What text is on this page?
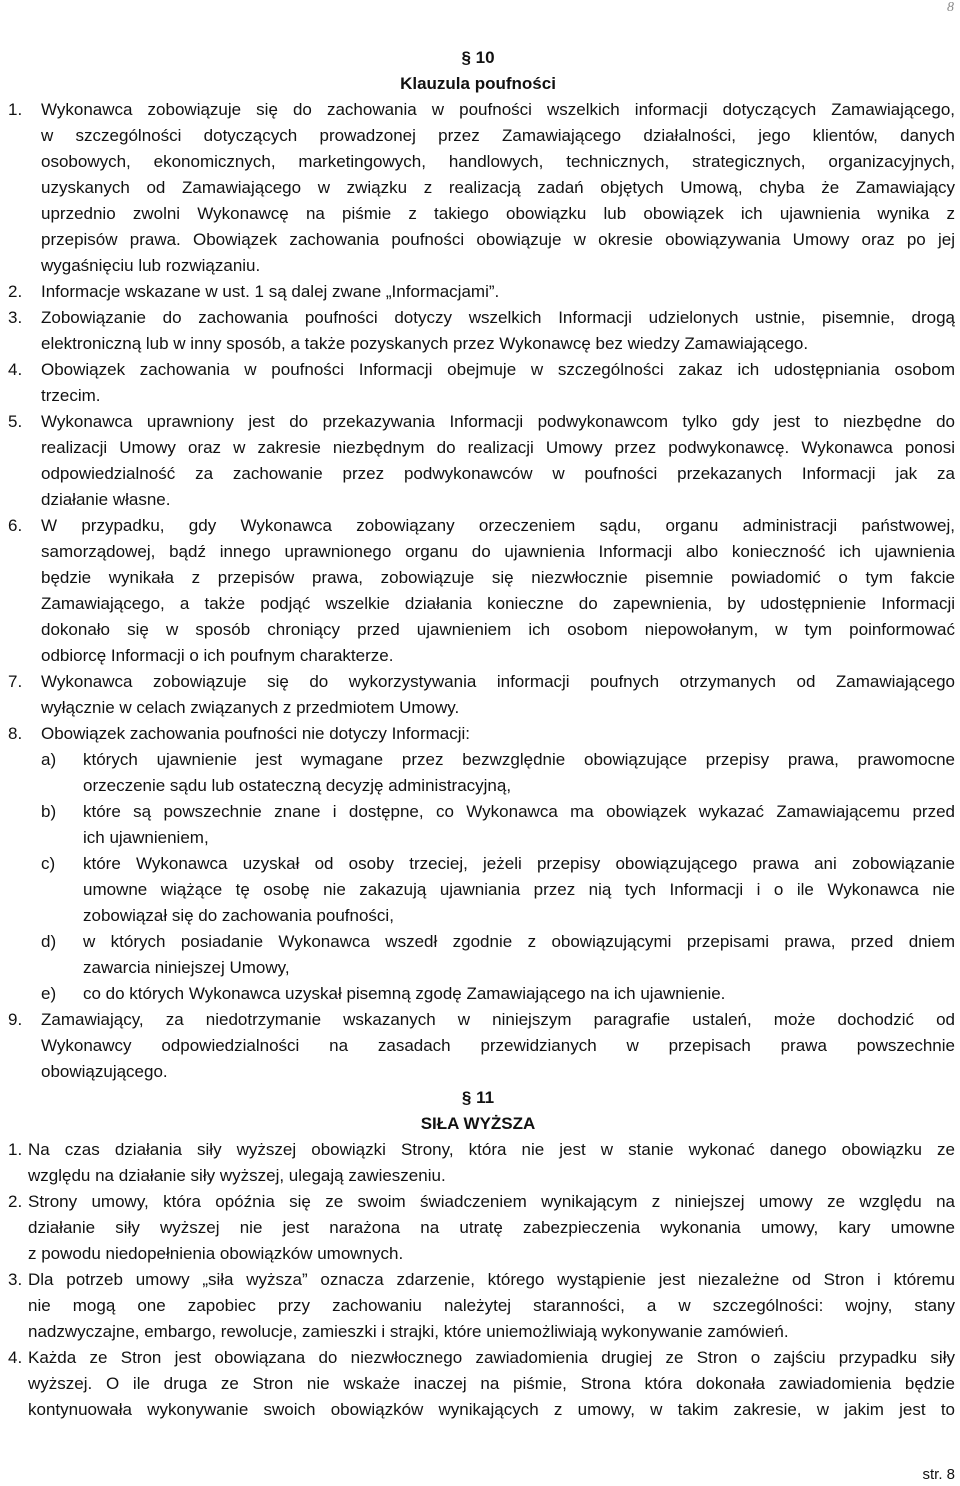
8
§ 10
Klauzula poufności
1. Wykonawca zobowiązuje się do zachowania w poufności wszelkich informacji dotyczących Zamawiającego,
w szczególności dotyczących prowadzonej przez Zamawiającego działalności, jego klientów, danych
osobowych, ekonomicznych, marketingowych, handlowych, technicznych, strategicznych, organizacyjnych,
uzyskanych od Zamawiającego w związku z realizacją zadań objętych Umową, chyba że Zamawiający
uprzednio zwolni Wykonawcę na piśmie z takiego obowiązku lub obowiązek ich ujawnienia wynika z
przepisów prawa. Obowiązek zachowania poufności obowiązuje w okresie obowiązywania Umowy oraz po jej
wygaśnięciu lub rozwiązaniu.
2. Informacje wskazane w ust. 1 są dalej zwane „Informacjami”.
3. Zobowiązanie do zachowania poufności dotyczy wszelkich Informacji udzielonych ustnie, pisemnie, drogą
elektroniczną lub w inny sposób, a także pozyskanych przez Wykonawcę bez wiedzy Zamawiającego.
4. Obowiązek zachowania w poufności Informacji obejmuje w szczególności zakaz ich udostępniania osobom
trzecim.
5. Wykonawca uprawniony jest do przekazywania Informacji podwykonawcom tylko gdy jest to niezbędne do
realizacji Umowy oraz w zakresie niezbędnym do realizacji Umowy przez podwykonawcę. Wykonawca ponosi
odpowiedzialność za zachowanie przez podwykonawców w poufności przekazanych Informacji jak za
działanie własne.
6. W przypadku, gdy Wykonawca zobowiązany orzeczeniem sądu, organu administracji państwowej,
samorządowej, bądź innego uprawnionego organu do ujawnienia Informacji albo konieczność ich ujawnienia
będzie wynikała z przepisów prawa, zobowiązuje się niezwłocznie pisemnie powiadomić o tym fakcie
Zamawiającego, a także podjąć wszelkie działania konieczne do zapewnienia, by udostępnienie Informacji
dokonało się w sposób chroniący przed ujawnieniem ich osobom niepowołanym, w tym poinformować
odbiorcę Informacji o ich poufnym charakterze.
7. Wykonawca zobowiązuje się do wykorzystywania informacji poufnych otrzymanych od Zamawiającego
wyłącznie w celach związanych z przedmiotem Umowy.
8. Obowiązek zachowania poufności nie dotyczy Informacji:
a) których ujawnienie jest wymagane przez bezwzględnie obowiązujące przepisy prawa, prawomocne
orzeczenie sądu lub ostateczną decyzję administracyjną,
b) które są powszechnie znane i dostępne, co Wykonawca ma obowiązek wykazać Zamawiającemu przed
ich ujawnieniem,
c) które Wykonawca uzyskał od osoby trzeciej, jeżeli przepisy obowiązującego prawa ani zobowiązanie
umowne wiążące tę osobę nie zakazują ujawniania przez nią tych Informacji i o ile Wykonawca nie
zobowiązał się do zachowania poufności,
d) w których posiadanie Wykonawca wszedł zgodnie z obowiązującymi przepisami prawa, przed dniem
zawarcia niniejszej Umowy,
e) co do których Wykonawca uzyskał pisemną zgodę Zamawiającego na ich ujawnienie.
9. Zamawiający, za niedotrzymanie wskazanych w niniejszym paragrafie ustaleń, może dochodzić od
Wykonawcy odpowiedzialności na zasadach przewidzianych w przepisach prawa powszechnie
obowiązującego.
§ 11
SIŁA WYŻSZA
1. Na czas działania siły wyższej obowiązki Strony, która nie jest w stanie wykonać danego obowiązku ze
względu na działanie siły wyższej, ulegają zawieszeniu.
2. Strony umowy, która opóźnia się ze swoim świadczeniem wynikającym z niniejszej umowy ze względu na
działanie siły wyższej nie jest narażona na utratę zabezpieczenia wykonania umowy, kary umowne
z powodu niedopełnienia obowiązków umownych.
3. Dla potrzeb umowy „siła wyższa” oznacza zdarzenie, którego wystąpienie jest niezależne od Stron i któremu
nie mogą one zapobiec przy zachowaniu należytej staranności, a w szczególności: wojny, stany
nadzwyczajne, embargo, rewolucje, zamieszki i strajki, które uniemożliwiają wykonywanie zamówień.
4. Każda ze Stron jest obowiązana do niezwłocznego zawiadomienia drugiej ze Stron o zajściu przypadku siły
wyższej. O ile druga ze Stron nie wskaże inaczej na piśmie, Strona która dokonała zawiadomienia będzie
kontynuowała wykonywanie swoich obowiązków wynikających z umowy, w takim zakresie, w jakim jest to
str. 8
